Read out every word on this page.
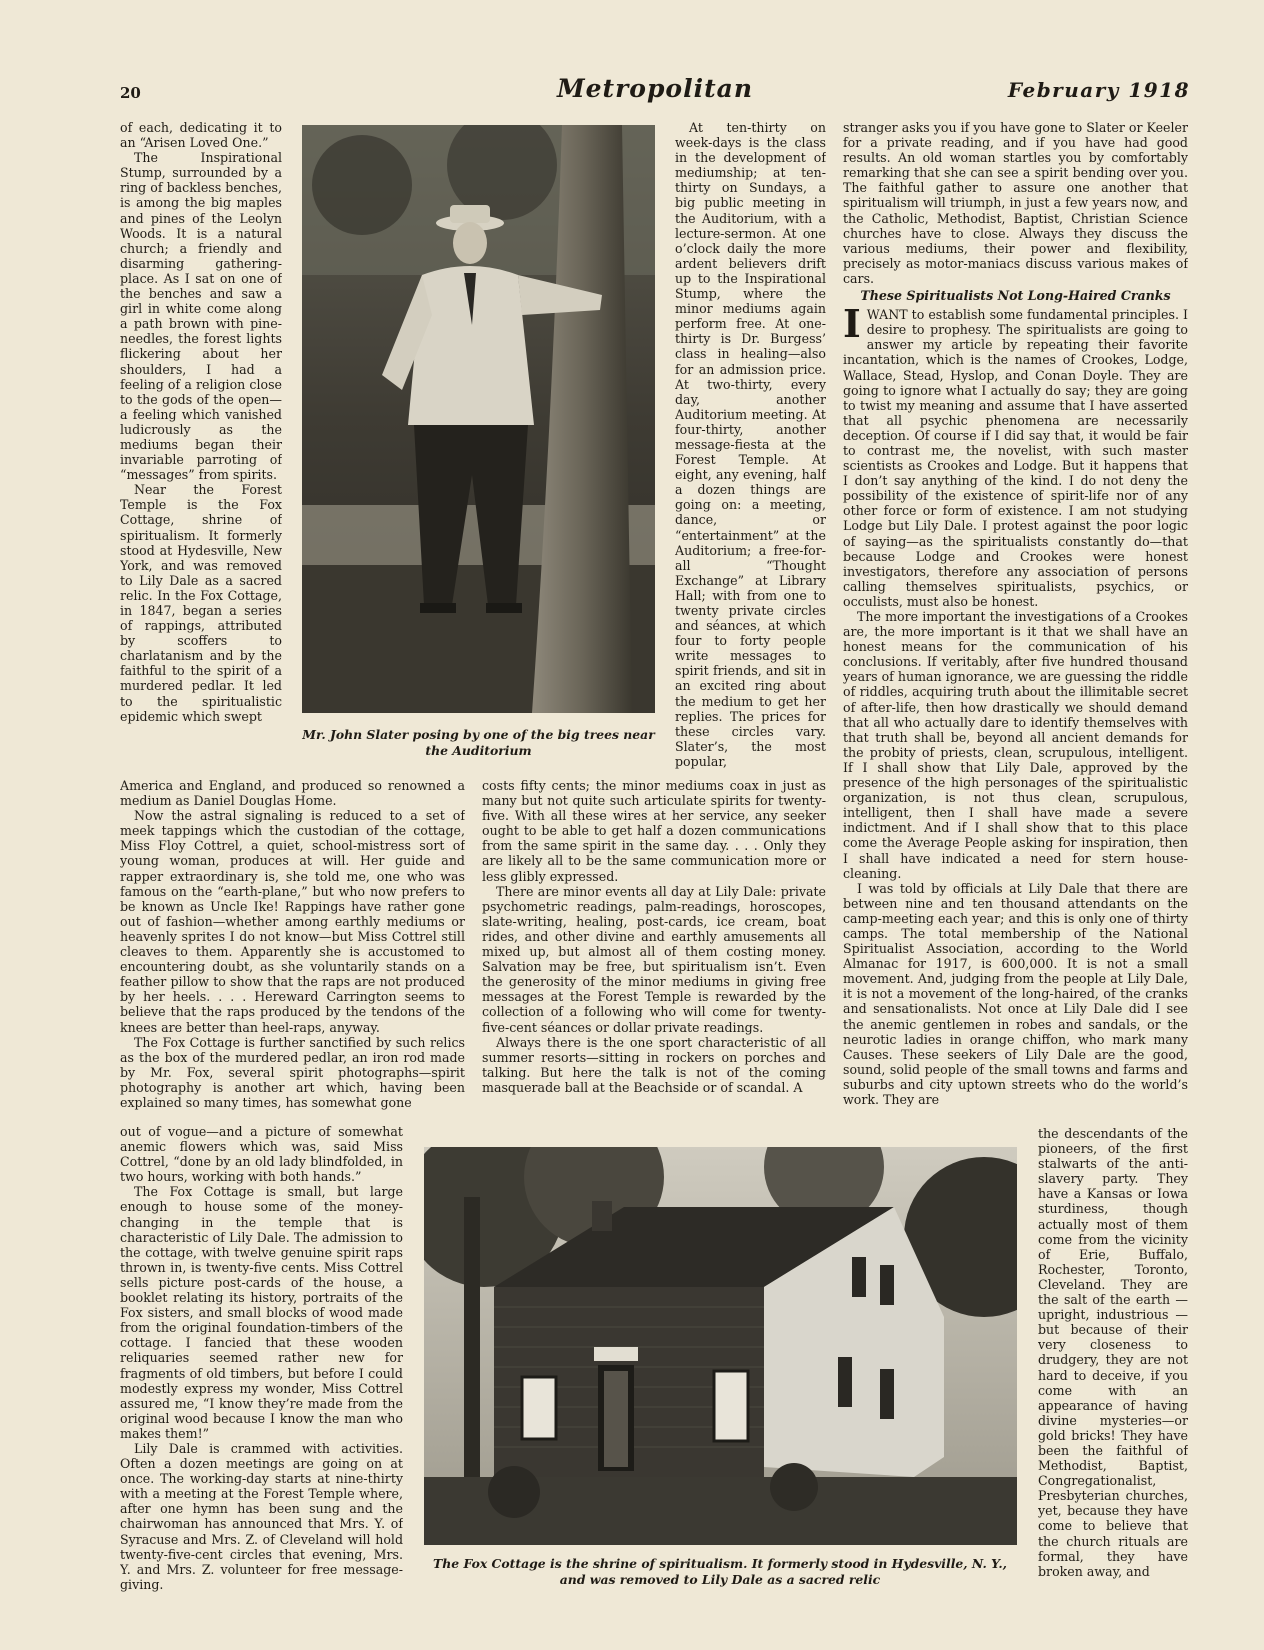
20	Metropolitan	February 1918

of each, dedicating it to an “Arisen Loved One.”

The Inspirational Stump, surrounded by a ring of backless benches, is among the big maples and pines of the Leolyn Woods. It is a natural church; a friendly and disarming gathering-place. As I sat on one of the benches and saw a girl in white come along a path brown with pine-needles, the forest lights flickering about her shoulders, I had a feeling of a religion close to the gods of the open—a feeling which vanished ludicrously as the mediums began their invariable parroting of “messages” from spirits.

Near the Forest Temple is the Fox Cottage, shrine of spiritualism. It formerly stood at Hydesville, New York, and was removed to Lily Dale as a sacred relic. In the Fox Cottage, in 1847, began a series of rappings, attributed by scoffers to charlatanism and by the faithful to the spirit of a murdered pedlar. It led to the spiritualistic epidemic which swept

Mr. John Slater posing by one of the big trees near the Auditorium

America and England, and produced so renowned a medium as Daniel Douglas Home.

Now the astral signaling is reduced to a set of meek tappings which the custodian of the cottage, Miss Floy Cottrel, a quiet, school-mistress sort of young woman, produces at will. Her guide and rapper extraordinary is, she told me, one who was famous on the “earth-plane,” but who now prefers to be known as Uncle Ike! Rappings have rather gone out of fashion—whether among earthly mediums or heavenly sprites I do not know—but Miss Cottrel still cleaves to them. Apparently she is accustomed to encountering doubt, as she voluntarily stands on a feather pillow to show that the raps are not produced by her heels. . . . Hereward Carrington seems to believe that the raps produced by the tendons of the knees are better than heel-raps, anyway.

The Fox Cottage is further sanctified by such relics as the box of the murdered pedlar, an iron rod made by Mr. Fox, several spirit photographs—spirit photography is another art which, having been explained so many times, has somewhat gone

out of vogue—and a picture of somewhat anemic flowers which was, said Miss Cottrel, “done by an old lady blindfolded, in two hours, working with both hands.”

The Fox Cottage is small, but large enough to house some of the money-changing in the temple that is characteristic of Lily Dale. The admission to the cottage, with twelve genuine spirit raps thrown in, is twenty-five cents. Miss Cottrel sells picture post-cards of the house, a booklet relating its history, portraits of the Fox sisters, and small blocks of wood made from the original foundation-timbers of the cottage. I fancied that these wooden reliquaries seemed rather new for fragments of old timbers, but before I could modestly express my wonder, Miss Cottrel assured me, “I know they’re made from the original wood because I know the man who makes them!”

Lily Dale is crammed with activities. Often a dozen meetings are going on at once. The working-day starts at nine-thirty with a meeting at the Forest Temple where, after one hymn has been sung and the chairwoman has announced that Mrs. Y. of Syracuse and Mrs. Z. of Cleveland will hold twenty-five-cent circles that evening, Mrs. Y. and Mrs. Z. volunteer for free message-giving.

At ten-thirty on week-days is the class in the development of mediumship; at ten-thirty on Sundays, a big public meeting in the Auditorium, with a lecture-sermon. At one o’clock daily the more ardent believers drift up to the Inspirational Stump, where the minor mediums again perform free. At one-thirty is Dr. Burgess’ class in healing—also for an admission price. At two-thirty, every day, another Auditorium meeting. At four-thirty, another message-fiesta at the Forest Temple. At eight, any evening, half a dozen things are going on: a meeting, dance, or “entertainment” at the Auditorium; a free-for-all “Thought Exchange” at Library Hall; with from one to twenty private circles and séances, at which four to forty people write messages to spirit friends, and sit in an excited ring about the medium to get her replies. The prices for these circles vary. Slater’s, the most popular,

costs fifty cents; the minor mediums coax in just as many but not quite such articulate spirits for twenty-five. With all these wires at her service, any seeker ought to be able to get half a dozen communications from the same spirit in the same day. . . . Only they are likely all to be the same communication more or less glibly expressed.

There are minor events all day at Lily Dale: private psychometric readings, palm-readings, horoscopes, slate-writing, healing, post-cards, ice cream, boat rides, and other divine and earthly amusements all mixed up, but almost all of them costing money. Salvation may be free, but spiritualism isn’t. Even the generosity of the minor mediums in giving free messages at the Forest Temple is rewarded by the collection of a following who will come for twenty-five-cent séances or dollar private readings.

Always there is the one sport characteristic of all summer resorts—sitting in rockers on porches and talking. But here the talk is not of the coming masquerade ball at the Beachside or of scandal. A

stranger asks you if you have gone to Slater or Keeler for a private reading, and if you have had good results. An old woman startles you by comfortably remarking that she can see a spirit bending over you. The faithful gather to assure one another that spiritualism will triumph, in just a few years now, and the Catholic, Methodist, Baptist, Christian Science churches have to close. Always they discuss the various mediums, their power and flexibility, precisely as motor-maniacs discuss various makes of cars.

These Spiritualists Not Long-Haired Cranks

IWANT to establish some fundamental principles. I desire to prophesy. The spiritualists are going to answer my article by repeating their favorite incantation, which is the names of Crookes, Lodge, Wallace, Stead, Hyslop, and Conan Doyle. They are going to ignore what I actually do say; they are going to twist my meaning and assume that I have asserted that all psychic phenomena are necessarily deception. Of course if I did say that, it would be fair to contrast me, the novelist, with such master scientists as Crookes and Lodge. But it happens that I don’t say anything of the kind. I do not deny the possibility of the existence of spirit-life nor of any other force or form of existence. I am not studying Lodge but Lily Dale. I protest against the poor logic of saying—as the spiritualists constantly do—that because Lodge and Crookes were honest investigators, therefore any association of persons calling themselves spiritualists, psychics, or occulists, must also be honest.

The more important the investigations of a Crookes are, the more important is it that we shall have an honest means for the communication of his conclusions. If veritably, after five hundred thousand years of human ignorance, we are guessing the riddle of riddles, acquiring truth about the illimitable secret of after-life, then how drastically we should demand that all who actually dare to identify themselves with that truth shall be, beyond all ancient demands for the probity of priests, clean, scrupulous, intelligent. If I shall show that Lily Dale, approved by the presence of the high personages of the spiritualistic organization, is not thus clean, scrupulous, intelligent, then I shall have made a severe indictment. And if I shall show that to this place come the Average People asking for inspiration, then I shall have indicated a need for stern house-cleaning.

I was told by officials at Lily Dale that there are between nine and ten thousand attendants on the camp-meeting each year; and this is only one of thirty camps. The total membership of the National Spiritualist Association, according to the World Almanac for 1917, is 600,000. It is not a small movement. And, judging from the people at Lily Dale, it is not a movement of the long-haired, of the cranks and sensationalists. Not once at Lily Dale did I see the anemic gentlemen in robes and sandals, or the neurotic ladies in orange chiffon, who mark many Causes. These seekers of Lily Dale are the good, sound, solid people of the small towns and farms and suburbs and city uptown streets who do the world’s work. They are

the descendants of the pioneers, of the first stalwarts of the anti-slavery party. They have a Kansas or Iowa sturdiness, though actually most of them come from the vicinity of Erie, Buffalo, Rochester, Toronto, Cleveland. They are the salt of the earth — upright, industrious — but because of their very closeness to drudgery, they are not hard to deceive, if you come with an appearance of having divine mysteries—or gold bricks! They have been the faithful of Methodist, Baptist, Congregationalist, Presbyterian churches, yet, because they have come to believe that the church rituals are formal, they have broken away, and

The Fox Cottage is the shrine of spiritualism. It formerly stood in Hydesville, N. Y., and was removed to Lily Dale as a sacred relic
